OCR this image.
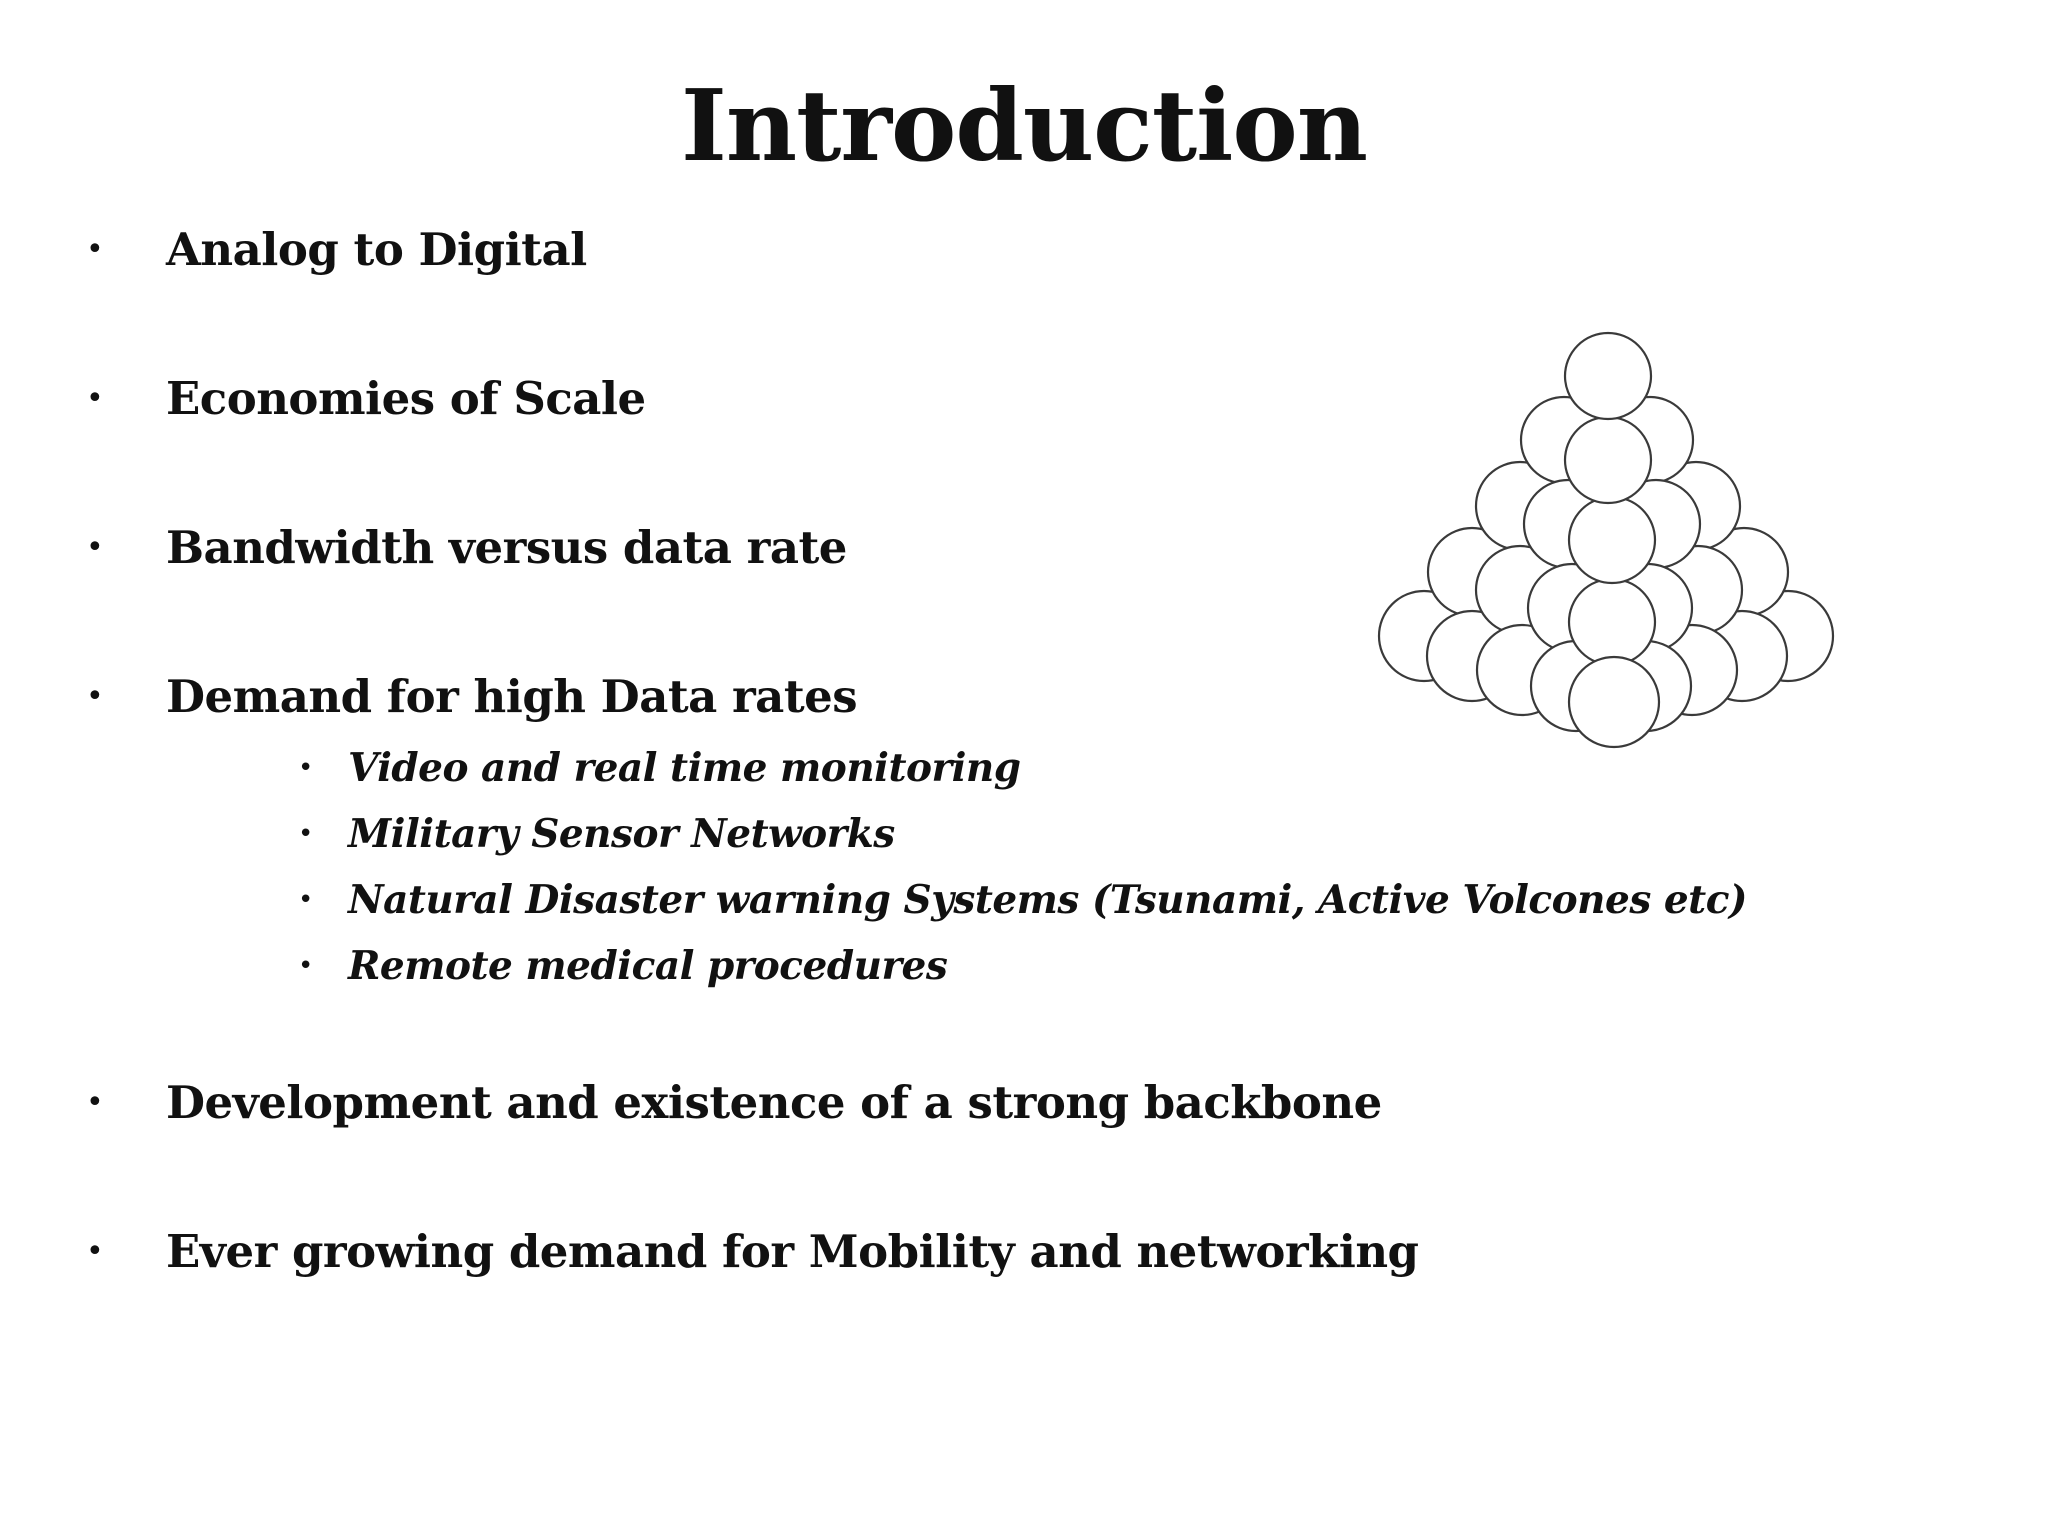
Introduction
• Analog to Digital
• Economies of Scale
• Bandwidth versus data rate
• Demand for high Data rates
• Video and real time monitoring
• Military Sensor Networks
• Natural Disaster warning Systems (Tsunami, Active Volcones etc)
• Remote medical procedures
• Development and existence of a strong backbone
• Ever growing demand for Mobility and networking
